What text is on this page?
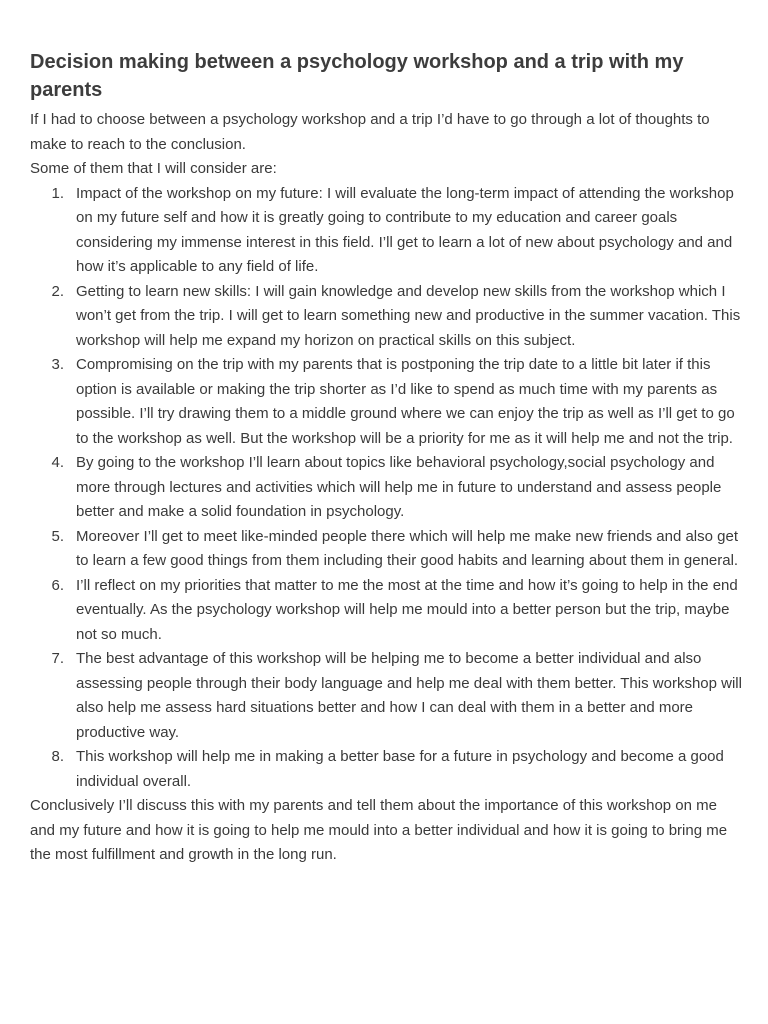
Decision making between a psychology workshop and a trip with my parents

If I had to choose between a psychology workshop and a trip I’d have to go through a lot of thoughts to make to reach to the conclusion.

Some of them that I will consider are:

1. Impact of the workshop on my future: I will evaluate the long-term impact of attending the workshop on my future self and how it is greatly going to contribute to my education and career goals considering my immense interest in this field. I’ll get to learn a lot of new about psychology and and how it’s applicable to any field of life.
2. Getting to learn new skills: I will gain knowledge and develop new skills from the workshop which I won’t get from the trip. I will get to learn something new and productive in the summer vacation. This workshop will help me expand my horizon on practical skills on this subject.
3. Compromising on the trip with my parents that is postponing the trip date to a little bit later if this option is available or making the trip shorter as I’d like to spend as much time with my parents as possible. I’ll try drawing them to a middle ground where we can enjoy the trip as well as I’ll get to go to the workshop as well. But the workshop will be a priority for me as it will help me and not the trip.
4. By going to the workshop I’ll learn about topics like behavioral psychology,social psychology and more through lectures and activities which will help me in future to understand and assess people better and make a solid foundation in psychology.
5. Moreover I’ll get to meet like-minded people there which will help me make new friends and also get to learn a few good things from them including their good habits and learning about them in general.
6. I’ll reflect on my priorities that matter to me the most at the time and how it’s going to help in the end eventually. As the psychology workshop will help me mould into a better person but the trip, maybe not so much.
7. The best advantage of this workshop will be helping me to become a better individual and also assessing people through their body language and help me deal with them better. This workshop will also help me assess hard situations better and how I can deal with them in a better and more productive way.
8. This workshop will help me in making a better base for a future in psychology and become a good individual overall.

Conclusively I’ll discuss this with my parents and tell them about the importance of this workshop on me and my future and how it is going to help me mould into a better individual and how it is going to bring me the most fulfillment and growth in the long run.
